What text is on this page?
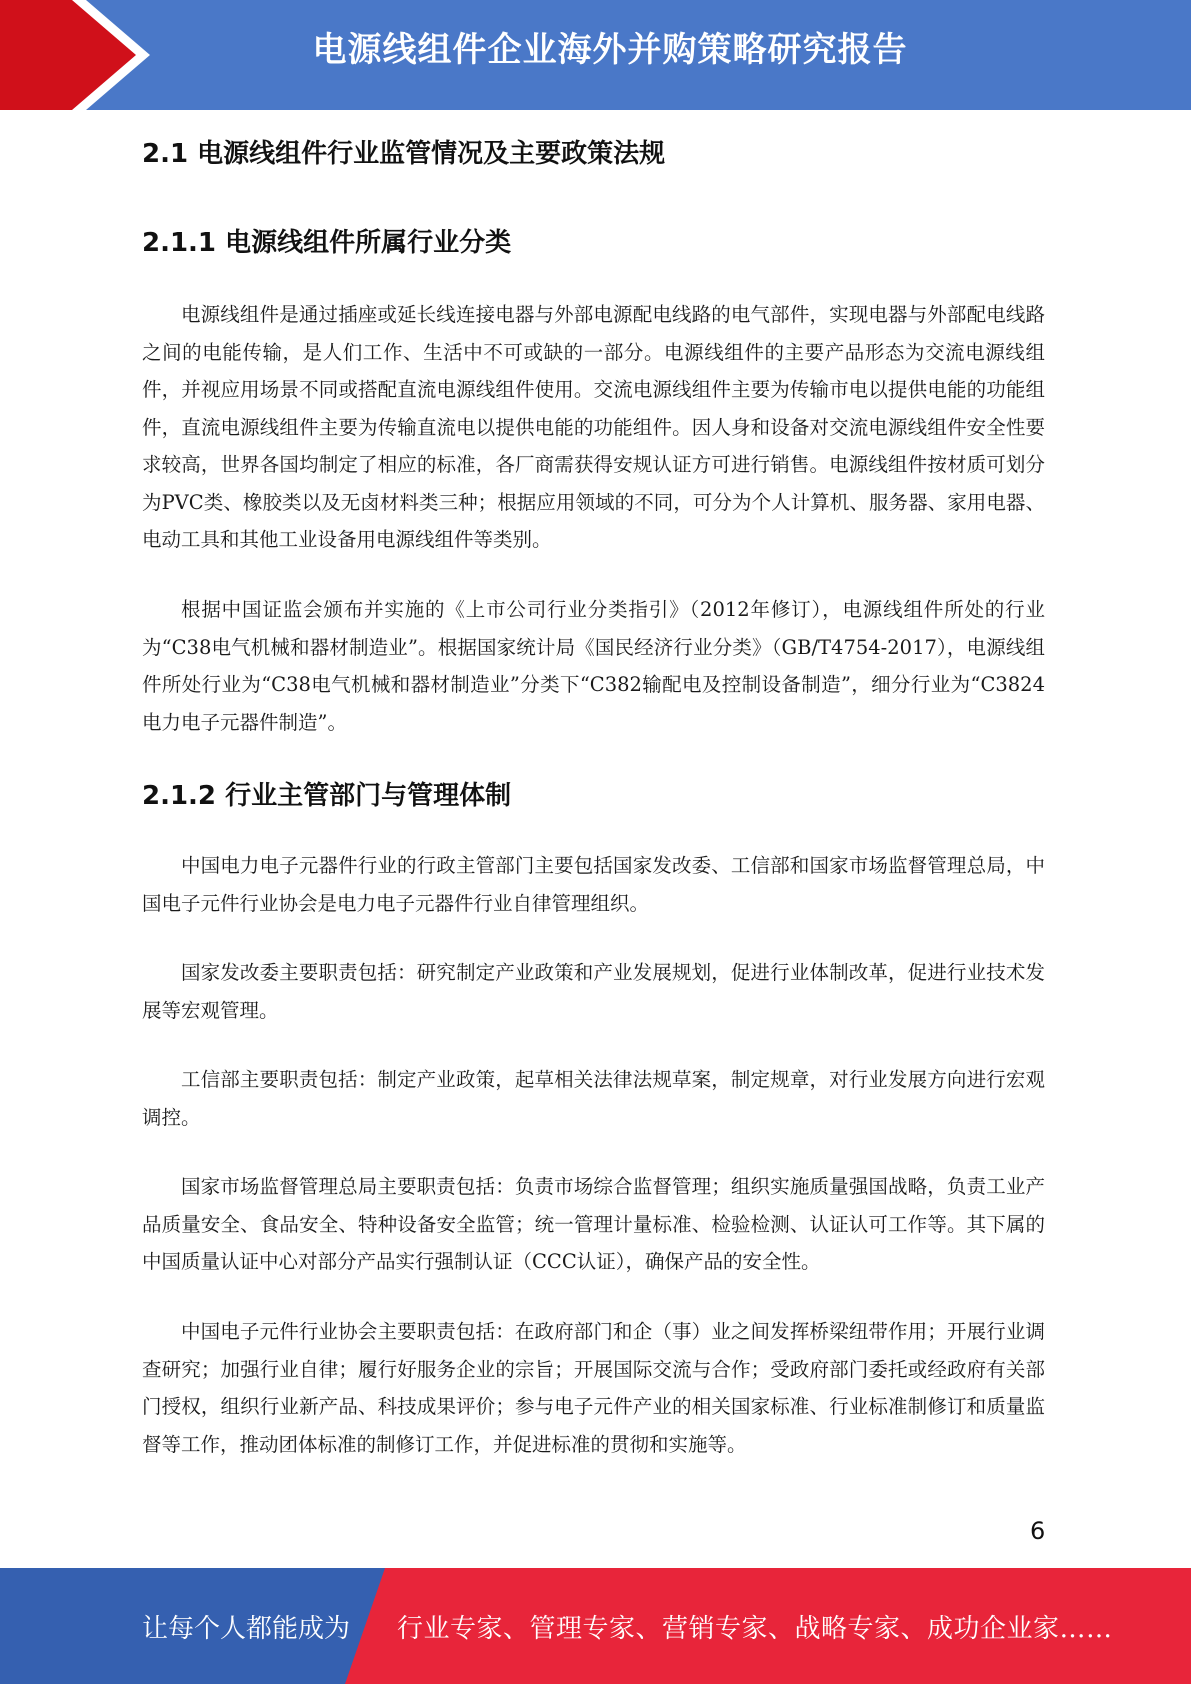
电源线组件企业海外并购策略研究报告
2.1 电源线组件行业监管情况及主要政策法规
2.1.1 电源线组件所属行业分类

电源线组件是通过插座或延长线连接电器与外部电源配电线路的电气部件，实现电器与外部配电线路之间的电能传输，是人们工作、生活中不可或缺的一部分。电源线组件的主要产品形态为交流电源线组件，并视应用场景不同或搭配直流电源线组件使用。交流电源线组件主要为传输市电以提供电能的功能组件，直流电源线组件主要为传输直流电以提供电能的功能组件。因人身和设备对交流电源线组件安全性要求较高，世界各国均制定了相应的标准，各厂商需获得安规认证方可进行销售。电源线组件按材质可划分为PVC类、橡胶类以及无卤材料类三种；根据应用领域的不同，可分为个人计算机、服务器、家用电器、电动工具和其他工业设备用电源线组件等类别。

根据中国证监会颁布并实施的《上市公司行业分类指引》（2012年修订），电源线组件所处的行业为“C38电气机械和器材制造业”。根据国家统计局《国民经济行业分类》（GB/T4754-2017），电源线组件所处行业为“C38电气机械和器材制造业”分类下“C382输配电及控制设备制造”，细分行业为“C3824电力电子元器件制造”。

2.1.2 行业主管部门与管理体制

中国电力电子元器件行业的行政主管部门主要包括国家发改委、工信部和国家市场监督管理总局，中国电子元件行业协会是电力电子元器件行业自律管理组织。

国家发改委主要职责包括：研究制定产业政策和产业发展规划，促进行业体制改革，促进行业技术发展等宏观管理。

工信部主要职责包括：制定产业政策，起草相关法律法规草案，制定规章，对行业发展方向进行宏观调控。

国家市场监督管理总局主要职责包括：负责市场综合监督管理；组织实施质量强国战略，负责工业产品质量安全、食品安全、特种设备安全监管；统一管理计量标准、检验检测、认证认可工作等。其下属的中国质量认证中心对部分产品实行强制认证（CCC认证），确保产品的安全性。

中国电子元件行业协会主要职责包括：在政府部门和企（事）业之间发挥桥梁纽带作用；开展行业调查研究；加强行业自律；履行好服务企业的宗旨；开展国际交流与合作；受政府部门委托或经政府有关部门授权，组织行业新产品、科技成果评价；参与电子元件产业的相关国家标准、行业标准制修订和质量监督等工作，推动团体标准的制修订工作，并促进标准的贯彻和实施等。

6
让每个人都能成为 行业专家、管理专家、营销专家、战略专家、成功企业家……
